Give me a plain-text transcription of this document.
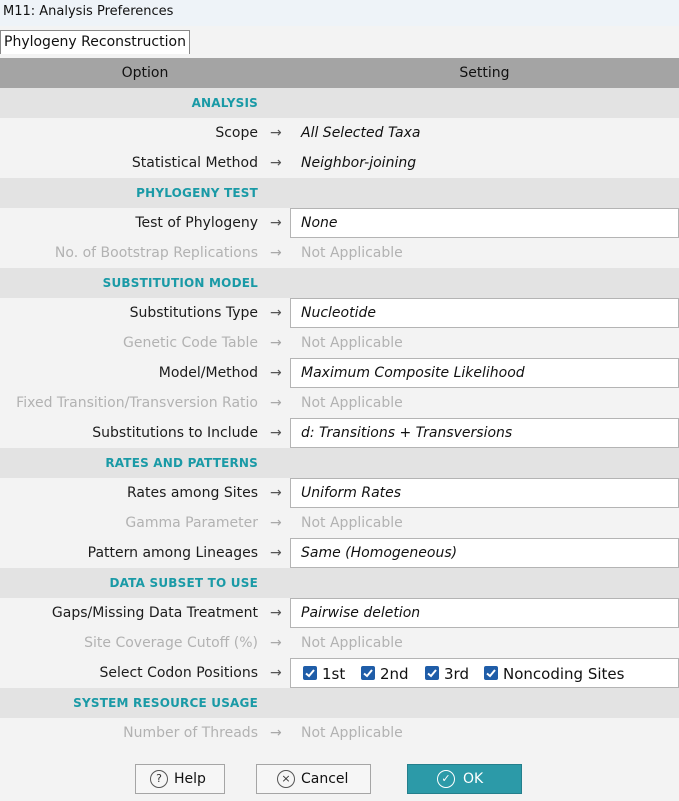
M11: Analysis Preferences
Phylogeny Reconstruction
Option	Setting
ANALYSIS
Scope → All Selected Taxa
Statistical Method → Neighbor-joining
PHYLOGENY TEST
Test of Phylogeny → None
No. of Bootstrap Replications → Not Applicable
SUBSTITUTION MODEL
Substitutions Type → Nucleotide
Genetic Code Table → Not Applicable
Model/Method → Maximum Composite Likelihood
Fixed Transition/Transversion Ratio → Not Applicable
Substitutions to Include → d: Transitions + Transversions
RATES AND PATTERNS
Rates among Sites → Uniform Rates
Gamma Parameter → Not Applicable
Pattern among Lineages → Same (Homogeneous)
DATA SUBSET TO USE
Gaps/Missing Data Treatment → Pairwise deletion
Site Coverage Cutoff (%) → Not Applicable
Select Codon Positions →	1st 2nd 3rd Noncoding Sites
SYSTEM RESOURCE USAGE
Number of Threads → Not Applicable
? Help	× Cancel	✓ OK
